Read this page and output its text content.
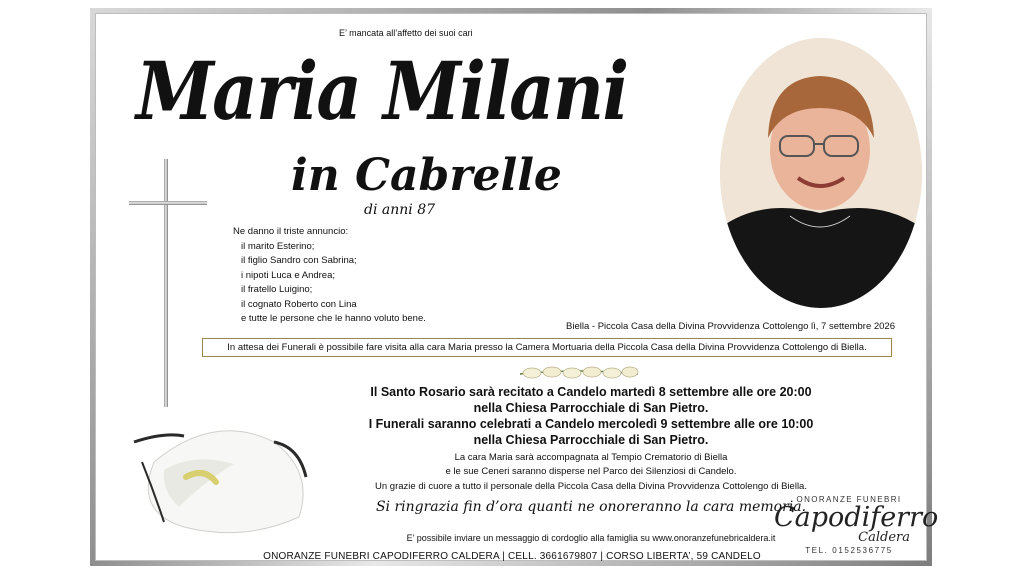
E’ mancata all’affetto dei suoi cari
Maria Milani
in Cabrelle
di anni 87
Ne danno il triste annuncio:
il marito Esterino;
il figlio Sandro con Sabrina;
i nipoti Luca e Andrea;
il fratello Luigino;
il cognato Roberto con Lina
e tutte le persone che le hanno voluto bene.
Biella - Piccola Casa della Divina Provvidenza Cottolengo lì, 7 settembre 2026
In attesa dei Funerali è possibile fare visita alla cara Maria presso la Camera Mortuaria della Piccola Casa della Divina Provvidenza Cottolengo di Biella.
Il Santo Rosario sarà recitato a Candelo martedì 8 settembre alle ore 20:00
nella Chiesa Parrocchiale di San Pietro.
I Funerali saranno celebrati a Candelo mercoledì 9 settembre alle ore 10:00
nella Chiesa Parrocchiale di San Pietro.
La cara Maria sarà accompagnata al Tempio Crematorio di Biella
e le sue Ceneri saranno disperse nel Parco dei Silenziosi di Candelo.
Un grazie di cuore a tutto il personale della Piccola Casa della Divina Provvidenza Cottolengo di Biella.
Si ringrazia fin d’ora quanti ne onoreranno la cara memoria.
E’ possibile inviare un messaggio di cordoglio alla famiglia su www.onoranzefunebricaldera.it
ONORANZE FUNEBRI CAPODIFERRO CALDERA | CELL. 3661679807 | CORSO LIBERTA’, 59 CANDELO
ONORANZE FUNEBRI
Capodiferro
Caldera
TEL. 0152536775
